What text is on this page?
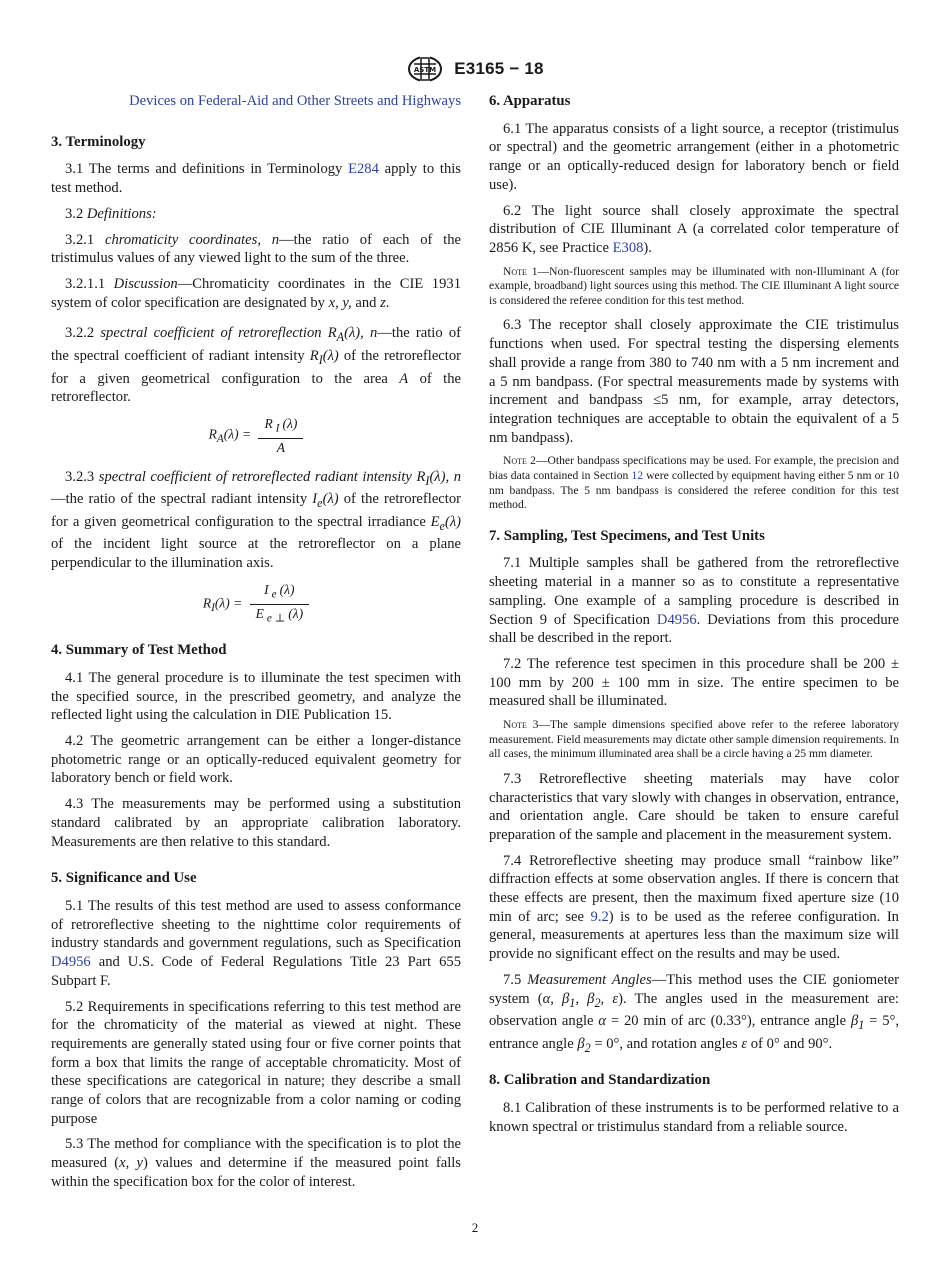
ASTM E3165 − 18

Devices on Federal-Aid and Other Streets and Highways

3. Terminology

3.1 The terms and definitions in Terminology E284 apply to this test method.

3.2 Definitions:

3.2.1 chromaticity coordinates, n—the ratio of each of the tristimulus values of any viewed light to the sum of the three.

3.2.1.1 Discussion—Chromaticity coordinates in the CIE 1931 system of color specification are designated by x, y, and z.

3.2.2 spectral coefficient of retroreflection $R_A(\lambda)$, n—the ratio of the spectral coefficient of radiant intensity $R_I(\lambda)$ of the retroreflector for a given geometrical configuration to the area A of the retroreflector.

$R_A(\lambda) = \frac{R _I (\lambda)}{A}$

3.2.3 spectral coefficient of retroreflected radiant intensity $R_I(\lambda)$, n—the ratio of the spectral radiant intensity $I_e(\lambda)$ of the retroreflector for a given geometrical configuration to the spectral irradiance $E_e(\lambda)$ of the incident light source at the retroreflector on a plane perpendicular to the illumination axis.

$R_I(\lambda) = \frac{I _e (\lambda)}{E _{e \perp} (\lambda)}$
4. Summary of Test Method

4.1 The general procedure is to illuminate the test specimen with the specified source, in the prescribed geometry, and analyze the reflected light using the calculation in DIE Publication 15.

4.2 The geometric arrangement can be either a longer-distance photometric range or an optically-reduced equivalent geometry for laboratory bench or field work.

4.3 The measurements may be performed using a substitution standard calibrated by an appropriate calibration laboratory. Measurements are then relative to this standard.

5. Significance and Use

5.1 The results of this test method are used to assess conformance of retroreflective sheeting to the nighttime color requirements of industry standards and government regulations, such as Specification D4956 and U.S. Code of Federal Regulations Title 23 Part 655 Subpart F.

5.2 Requirements in specifications referring to this test method are for the chromaticity of the material as viewed at night. These requirements are generally stated using four or five corner points that form a box that limits the range of acceptable chromaticity. Most of these specifications are categorical in nature; they describe a small range of colors that are recognizable from a color naming or coding purpose

5.3 The method for compliance with the specification is to plot the measured (x, y) values and determine if the measured point falls within the specification box for the color of interest.

6. Apparatus

6.1 The apparatus consists of a light source, a receptor (tristimulus or spectral) and the geometric arrangement (either in a photometric range or an optically-reduced design for laboratory bench or field use).

6.2 The light source shall closely approximate the spectral distribution of CIE Illuminant A (a correlated color temperature of 2856 K, see Practice E308).

Note 1—Non-fluorescent samples may be illuminated with non-Illuminant A (for example, broadband) light sources using this method. The CIE Illuminant A light source is considered the referee condition for this test method.

6.3 The receptor shall closely approximate the CIE tristimulus functions when used. For spectral testing the dispersing elements shall provide a range from 380 to 740 nm with a 5 nm increment and a 5 nm bandpass. (For spectral measurements made by systems with increment and bandpass ≤5 nm, for example, array detectors, integration techniques are acceptable to obtain the equivalent of a 5 nm bandpass).

Note 2—Other bandpass specifications may be used. For example, the precision and bias data contained in Section 12 were collected by equipment having either 5 nm or 10 nm bandpass. The 5 nm bandpass is considered the referee condition for this test method.

7. Sampling, Test Specimens, and Test Units

7.1 Multiple samples shall be gathered from the retroreflective sheeting material in a manner so as to constitute a representative sampling. One example of a sampling procedure is described in Section 9 of Specification D4956. Deviations from this procedure shall be described in the report.

7.2 The reference test specimen in this procedure shall be 200 ± 100 mm by 200 ± 100 mm in size. The entire specimen to be measured shall be illuminated.

Note 3—The sample dimensions specified above refer to the referee laboratory measurement. Field measurements may dictate other sample dimension requirements. In all cases, the minimum illuminated area shall be a circle having a 25 mm diameter.

7.3 Retroreflective sheeting materials may have color characteristics that vary slowly with changes in observation, entrance, and orientation angle. Care should be taken to ensure careful preparation of the sample and placement in the measurement system.

7.4 Retroreflective sheeting may produce small “rainbow like” diffraction effects at some observation angles. If there is concern that these effects are present, then the maximum fixed aperture size (10 min of arc; see 9.2) is to be used as the referee configuration. In general, measurements at apertures less than the maximum size will provide no significant effect on the results and may be used.

7.5 Measurement Angles—This method uses the CIE goniometer system (α, $\beta_1$, $\beta_2$, ε). The angles used in the measurement are: observation angle α = 20 min of arc (0.33°), entrance angle $\beta_1 = 5^\circ$, entrance angle $\beta_2 = 0^\circ$, and rotation angles ε of 0° and 90°.

8. Calibration and Standardization

8.1 Calibration of these instruments is to be performed relative to a known spectral or tristimulus standard from a reliable source.

2
